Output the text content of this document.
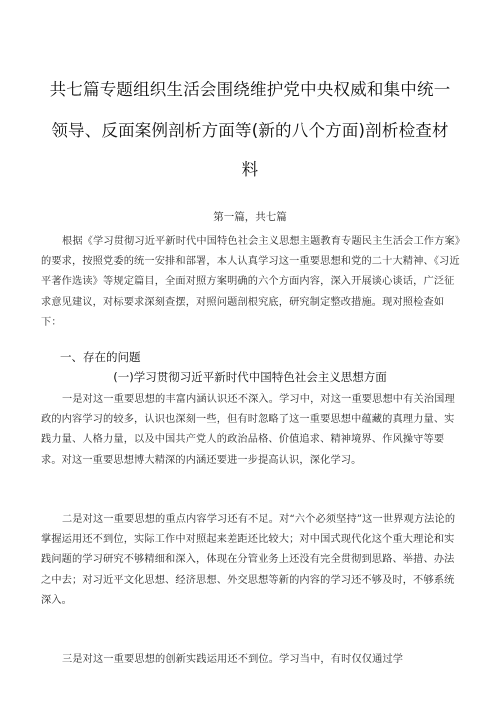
共七篇专题组织生活会围绕维护党中央权威和集中统一
领导、反面案例剖析方面等(新的八个方面)剖析检查材
料
第一篇，共七篇

根据《学习贯彻习近平新时代中国特色社会主义思想主题教育专题民主生活会工作方案》的要求，按照党委的统一安排和部署，本人认真学习这一重要思想和党的二十大精神、《习近平著作选读》等规定篇目，全面对照方案明确的六个方面内容，深入开展谈心谈话，广泛征求意见建议，对标要求深刻查摆，对照问题剖根究底，研究制定整改措施。现对照检查如下：

一、存在的问题
(一)学习贯彻习近平新时代中国特色社会主义思想方面

一是对这一重要思想的丰富内涵认识还不深入。学习中，对这一重要思想中有关治国理政的内容学习的较多，认识也深刻一些，但有时忽略了这一重要思想中蕴藏的真理力量、实践力量、人格力量，以及中国共产党人的政治品格、价值追求、精神境界、作风操守等要求。对这一重要思想博大精深的内涵还要进一步提高认识，深化学习。

二是对这一重要思想的重点内容学习还有不足。对“六个必须坚持”这一世界观方法论的掌握运用还不到位，实际工作中对照起来差距还比较大；对中国式现代化这个重大理论和实践问题的学习研究不够精细和深入，体现在分管业务上还没有完全贯彻到思路、举措、办法之中去；对习近平文化思想、经济思想、外交思想等新的内容的学习还不够及时，不够系统深入。

三是对这一重要思想的创新实践运用还不到位。学习当中，有时仅仅通过学
